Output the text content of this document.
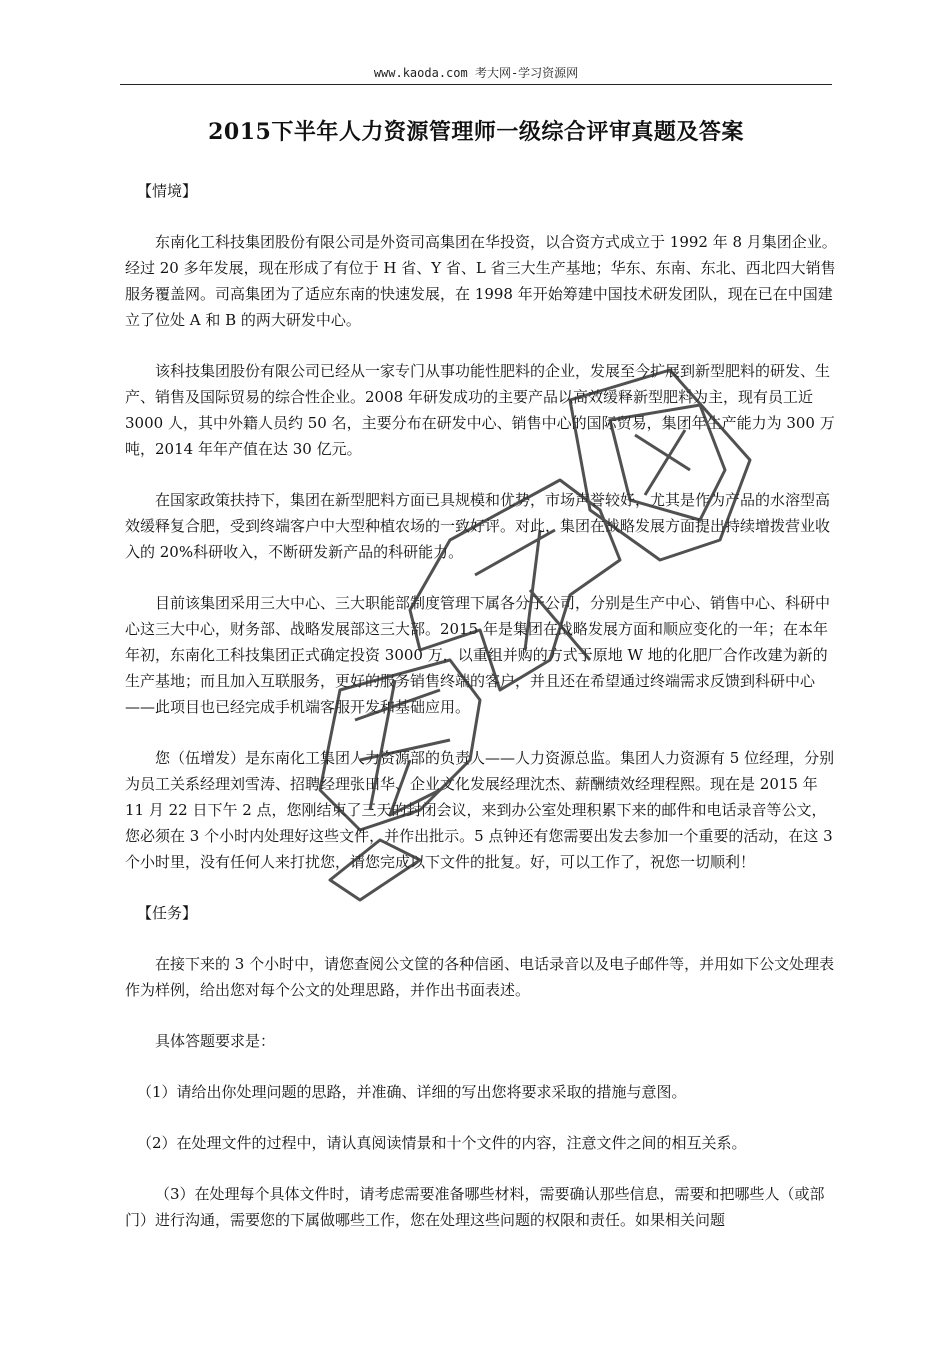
www.kaoda.com 考大网-学习资源网
2015下半年人力资源管理师一级综合评审真题及答案

【情境】

东南化工科技集团股份有限公司是外资司高集团在华投资，以合资方式成立于 1992 年 8 月集团企业。经过 20 多年发展，现在形成了有位于 H 省、Y 省、L 省三大生产基地；华东、东南、东北、西北四大销售服务覆盖网。司高集团为了适应东南的快速发展，在 1998 年开始筹建中国技术研发团队，现在已在中国建立了位处 A 和 B 的两大研发中心。

该科技集团股份有限公司已经从一家专门从事功能性肥料的企业，发展至今扩展到新型肥料的研发、生产、销售及国际贸易的综合性企业。2008 年研发成功的主要产品以高效缓释新型肥料为主，现有员工近 3000 人，其中外籍人员约 50 名，主要分布在研发中心、销售中心的国际贸易，集团年生产能力为 300 万吨，2014 年年产值在达 30 亿元。

在国家政策扶持下，集团在新型肥料方面已具规模和优势，市场声誉较好，尤其是作为产品的水溶型高效缓释复合肥，受到终端客户中大型种植农场的一致好评。对此，集团在战略发展方面提出持续增拨营业收入的 20%科研收入，不断研发新产品的科研能力。

目前该集团采用三大中心、三大职能部制度管理下属各分子公司，分别是生产中心、销售中心、科研中心这三大中心，财务部、战略发展部这三大部。2015 年是集团在战略发展方面和顺应变化的一年；在本年年初，东南化工科技集团正式确定投资 3000 万，以重组并购的方式于原地 W 地的化肥厂合作改建为新的生产基地；而且加入互联服务，更好的服务销售终端的客户，并且还在希望通过终端需求反馈到科研中心——此项目也已经完成手机端客服开发和基础应用。

您（伍增发）是东南化工集团人力资源部的负责人——人力资源总监。集团人力资源有 5 位经理，分别为员工关系经理刘雪涛、招聘经理张田华、企业文化发展经理沈杰、薪酬绩效经理程熙。现在是 2015 年 11 月 22 日下午 2 点，您刚结束了三天的封闭会议，来到办公室处理积累下来的邮件和电话录音等公文，您必须在 3 个小时内处理好这些文件，并作出批示。5 点钟还有您需要出发去参加一个重要的活动，在这 3 个小时里，没有任何人来打扰您，请您完成以下文件的批复。好，可以工作了，祝您一切顺利！

【任务】

在接下来的 3 个小时中，请您查阅公文筐的各种信函、电话录音以及电子邮件等，并用如下公文处理表作为样例，给出您对每个公文的处理思路，并作出书面表述。

具体答题要求是：

（1）请给出你处理问题的思路，并准确、详细的写出您将要求采取的措施与意图。

（2）在处理文件的过程中，请认真阅读情景和十个文件的内容，注意文件之间的相互关系。

（3）在处理每个具体文件时，请考虑需要准备哪些材料，需要确认那些信息，需要和把哪些人（或部门）进行沟通，需要您的下属做哪些工作，您在处理这些问题的权限和责任。如果相关问题
